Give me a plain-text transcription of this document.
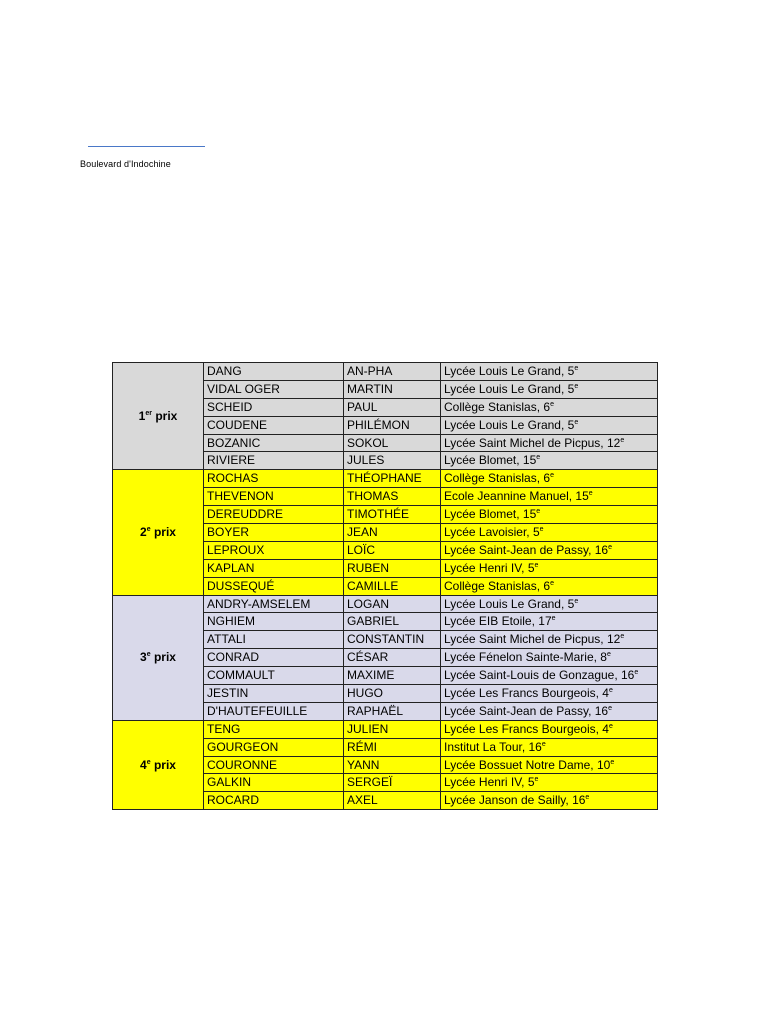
Boulevard d'Indochine
1er prix	DANG	AN-PHA	Lycée Louis Le Grand, 5e
	VIDAL OGER	MARTIN	Lycée Louis Le Grand, 5e
	SCHEID	PAUL	Collège Stanislas, 6e
	COUDENE	PHILÉMON	Lycée Louis Le Grand, 5e
	BOZANIC	SOKOL	Lycée Saint Michel de Picpus, 12e
	RIVIERE	JULES	Lycée Blomet, 15e
2e prix	ROCHAS	THÉOPHANE	Collège Stanislas, 6e
	THEVENON	THOMAS	Ecole Jeannine Manuel, 15e
	DEREUDDRE	TIMOTHÉE	Lycée Blomet, 15e
	BOYER	JEAN	Lycée Lavoisier, 5e
	LEPROUX	LOÏC	Lycée Saint-Jean de Passy, 16e
	KAPLAN	RUBEN	Lycée Henri IV, 5e
	DUSSEQUÉ	CAMILLE	Collège Stanislas, 6e
3e prix	ANDRY-AMSELEM	LOGAN	Lycée Louis Le Grand, 5e
	NGHIEM	GABRIEL	Lycée EIB Etoile, 17e
	ATTALI	CONSTANTIN	Lycée Saint Michel de Picpus, 12e
	CONRAD	CÉSAR	Lycée Fénelon Sainte-Marie, 8e
	COMMAULT	MAXIME	Lycée Saint-Louis de Gonzague, 16e
	JESTIN	HUGO	Lycée Les Francs Bourgeois, 4e
	D'HAUTEFEUILLE	RAPHAËL	Lycée Saint-Jean de Passy, 16e
4e prix	TENG	JULIEN	Lycée Les Francs Bourgeois, 4e
	GOURGEON	RÉMI	Institut La Tour, 16e
	COURONNE	YANN	Lycée Bossuet Notre Dame, 10e
	GALKIN	SERGEÏ	Lycée Henri IV, 5e
	ROCARD	AXEL	Lycée Janson de Sailly, 16e
